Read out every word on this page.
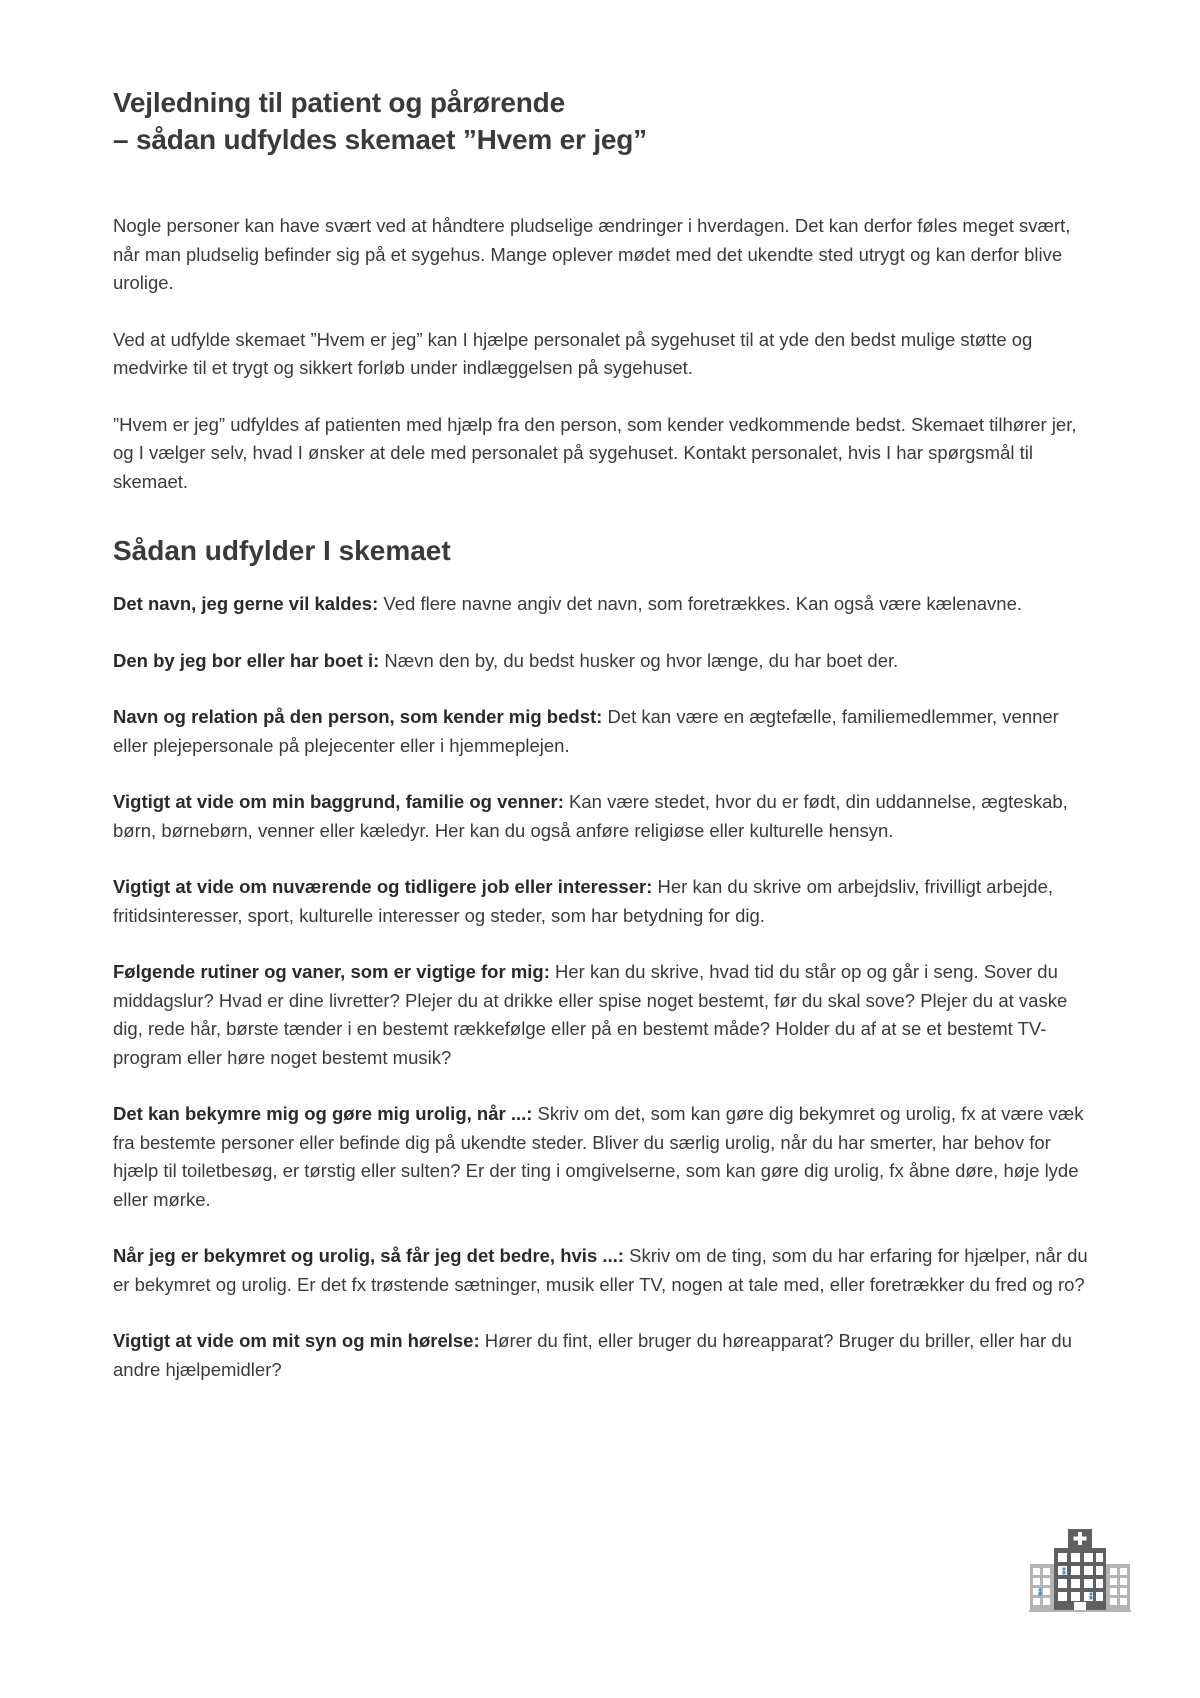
Vejledning til patient og pårørende
– sådan udfyldes skemaet ”Hvem er jeg”

Nogle personer kan have svært ved at håndtere pludselige ændringer i hverdagen. Det kan derfor føles meget svært, når man pludselig befinder sig på et sygehus. Mange oplever mødet med det ukendte sted utrygt og kan derfor blive urolige.

Ved at udfylde skemaet ”Hvem er jeg” kan I hjælpe personalet på sygehuset til at yde den bedst mulige støtte og medvirke til et trygt og sikkert forløb under indlæggelsen på sygehuset.

”Hvem er jeg” udfyldes af patienten med hjælp fra den person, som kender vedkommende bedst. Skemaet tilhører jer, og I vælger selv, hvad I ønsker at dele med personalet på sygehuset. Kontakt personalet, hvis I har spørgsmål til skemaet.

Sådan udfylder I skemaet

Det navn, jeg gerne vil kaldes: Ved flere navne angiv det navn, som foretrækkes. Kan også være kælenavne.

Den by jeg bor eller har boet i: Nævn den by, du bedst husker og hvor længe, du har boet der.

Navn og relation på den person, som kender mig bedst: Det kan være en ægtefælle, familiemedlemmer, venner eller plejepersonale på plejecenter eller i hjemmeplejen.

Vigtigt at vide om min baggrund, familie og venner: Kan være stedet, hvor du er født, din uddannelse, ægteskab, børn, børnebørn, venner eller kæledyr. Her kan du også anføre religiøse eller kulturelle hensyn.

Vigtigt at vide om nuværende og tidligere job eller interesser: Her kan du skrive om arbejdsliv, frivilligt arbejde, fritidsinteresser, sport, kulturelle interesser og steder, som har betydning for dig.

Følgende rutiner og vaner, som er vigtige for mig: Her kan du skrive, hvad tid du står op og går i seng. Sover du middagslur? Hvad er dine livretter? Plejer du at drikke eller spise noget bestemt, før du skal sove? Plejer du at vaske dig, rede hår, børste tænder i en bestemt rækkefølge eller på en bestemt måde? Holder du af at se et bestemt TV-program eller høre noget bestemt musik?

Det kan bekymre mig og gøre mig urolig, når ...: Skriv om det, som kan gøre dig bekymret og urolig, fx at være væk fra bestemte personer eller befinde dig på ukendte steder. Bliver du særlig urolig, når du har smerter, har behov for hjælp til toiletbesøg, er tørstig eller sulten? Er der ting i omgivelserne, som kan gøre dig urolig, fx åbne døre, høje lyde eller mørke.

Når jeg er bekymret og urolig, så får jeg det bedre, hvis ...: Skriv om de ting, som du har erfaring for hjælper, når du er bekymret og urolig. Er det fx trøstende sætninger, musik eller TV, nogen at tale med, eller foretrækker du fred og ro?

Vigtigt at vide om mit syn og min hørelse: Hører du fint, eller bruger du høreapparat? Bruger du briller, eller har du andre hjælpemidler?
